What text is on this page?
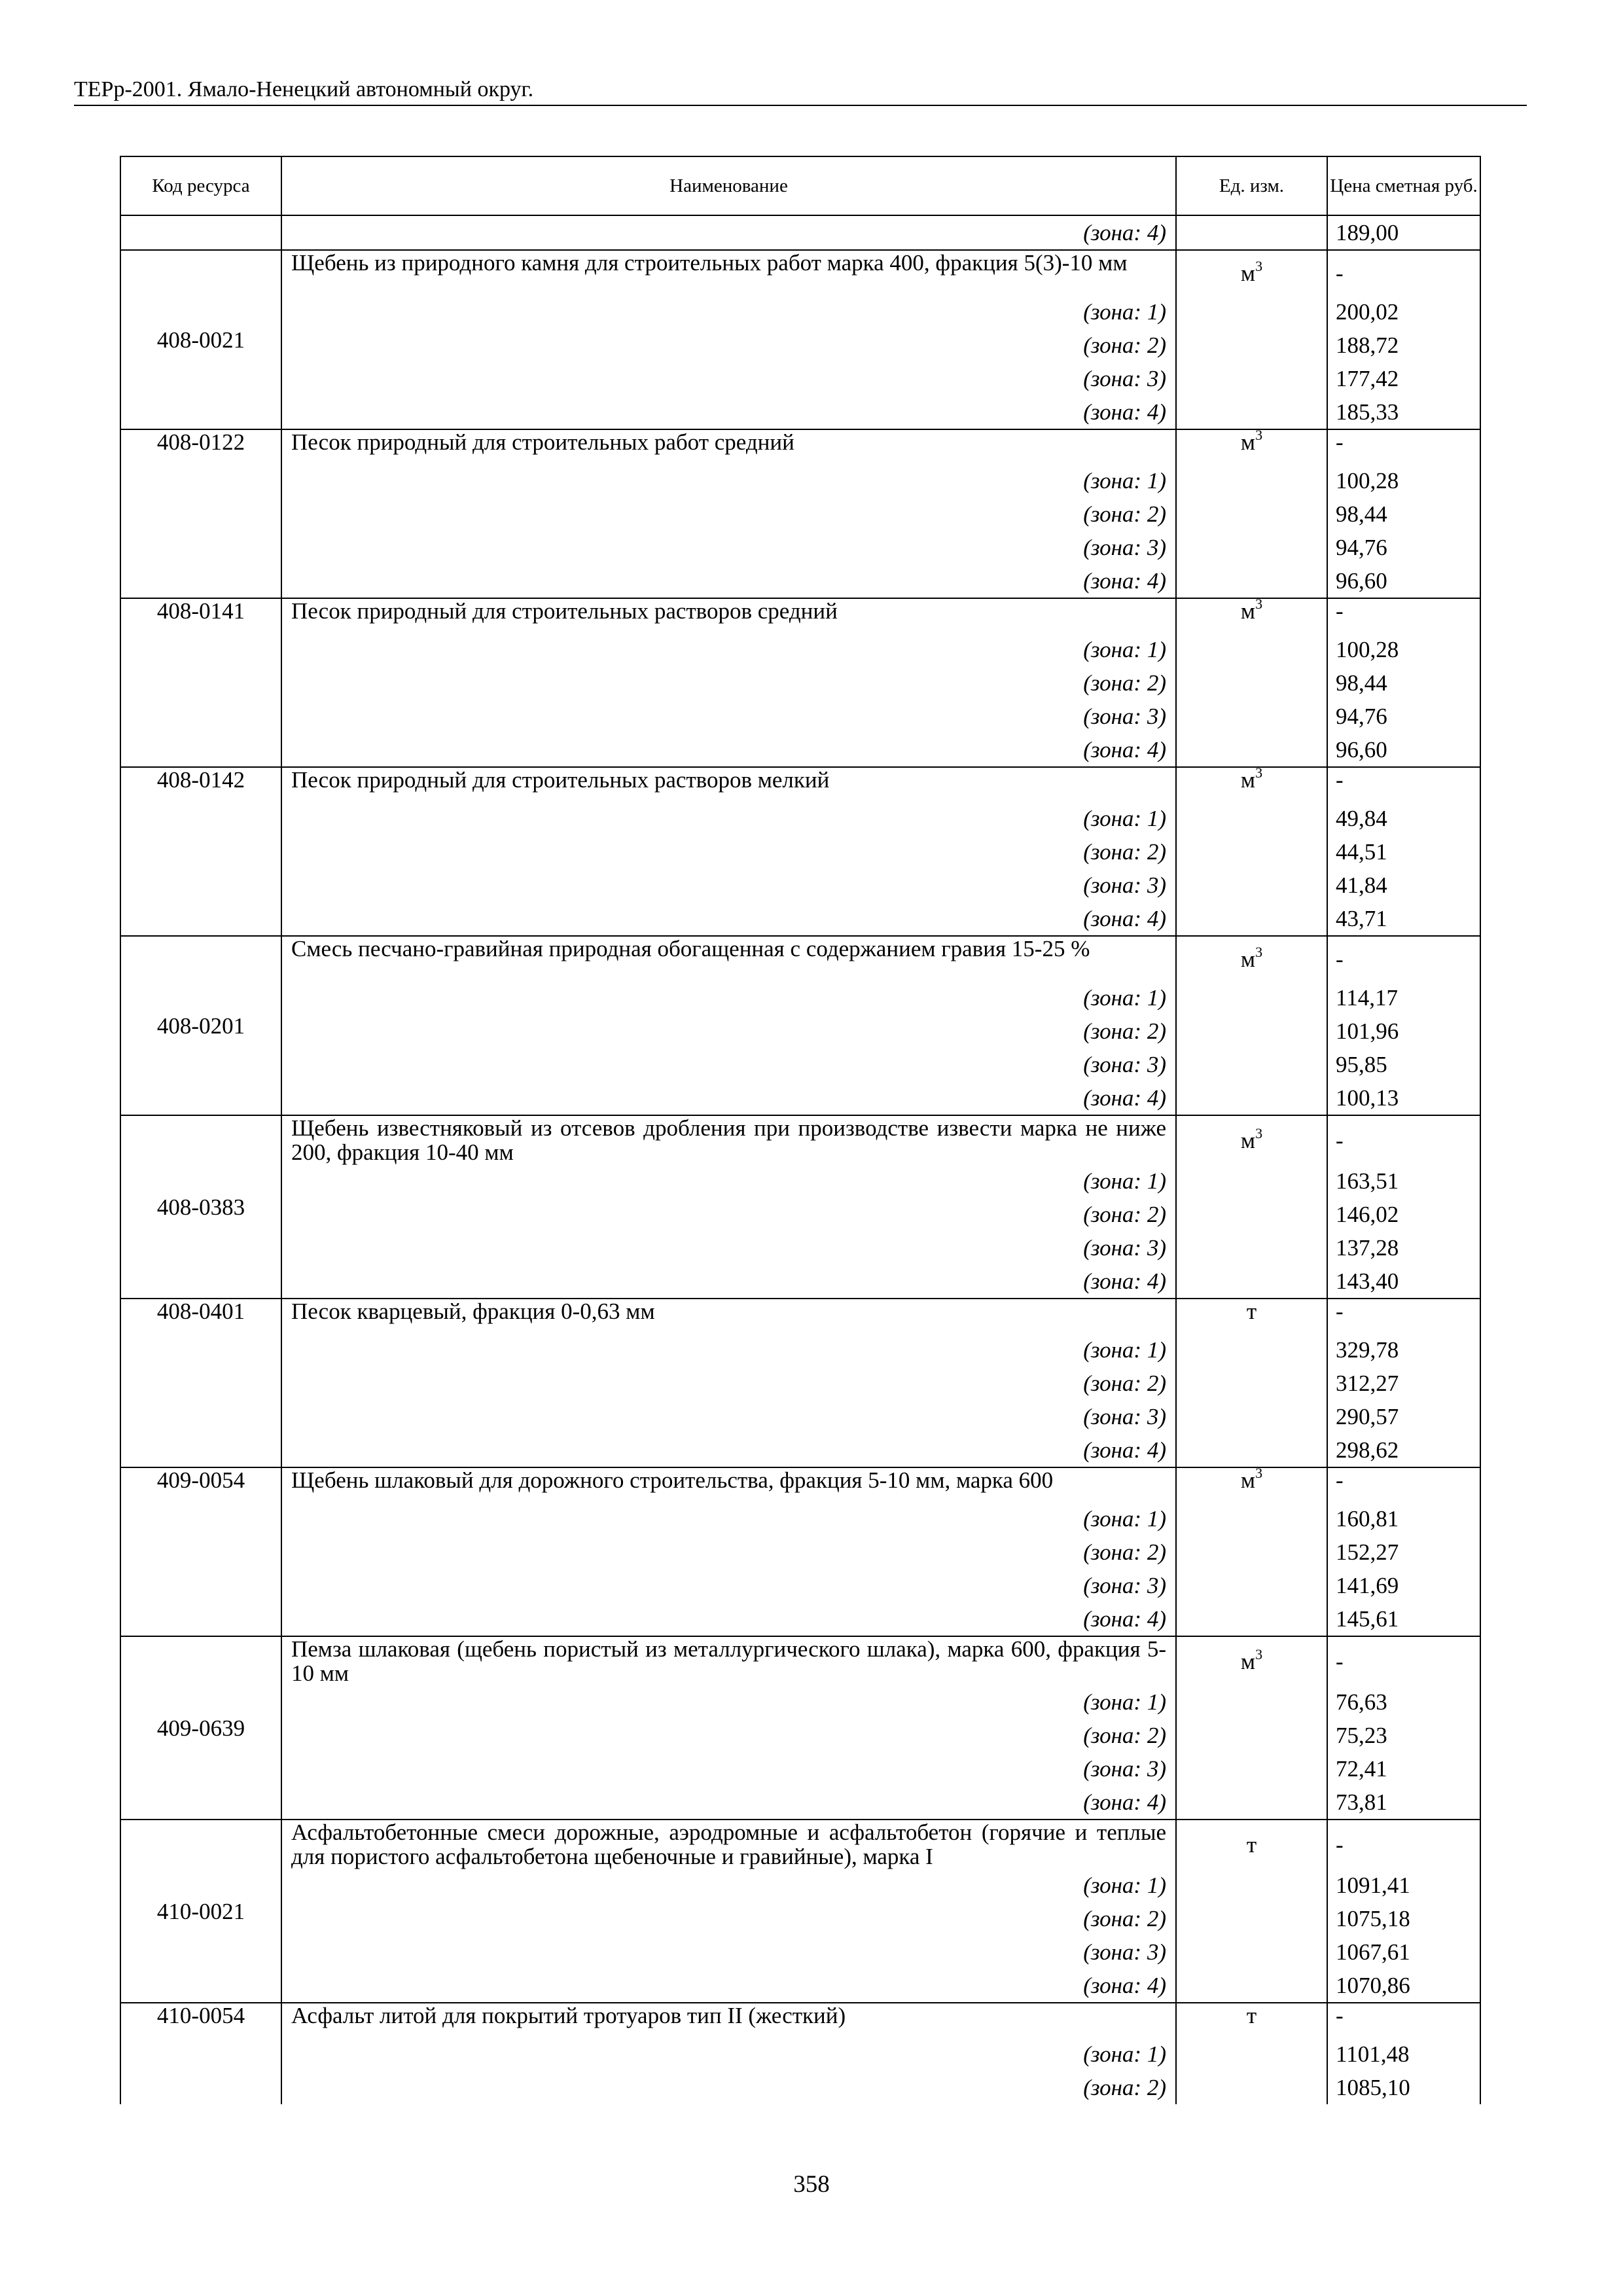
ТЕРр-2001. Ямало-Ненецкий автономный округ.
Код ресурса	Наименование	Ед. изм.	Цена сметная руб.
	(зона: 4)		189,00
408-0021	Щебень из природного камня для строительных работ марка 400, фракция 5(3)-10 мм	$м^3$	-
	(зона: 1)		200,02
	(зона: 2)		188,72
	(зона: 3)		177,42
	(зона: 4)		185,33
408-0122	Песок природный для строительных работ средний	$м^3$	-
	(зона: 1)		100,28
	(зона: 2)		98,44
	(зона: 3)		94,76
	(зона: 4)		96,60
408-0141	Песок природный для строительных растворов средний	$м^3$	-
	(зона: 1)		100,28
	(зона: 2)		98,44
	(зона: 3)		94,76
	(зона: 4)		96,60
408-0142	Песок природный для строительных растворов мелкий	$м^3$	-
	(зона: 1)		49,84
	(зона: 2)		44,51
	(зона: 3)		41,84
	(зона: 4)		43,71
408-0201	Смесь песчано-гравийная природная обогащенная с содержанием гравия 15-25 %	$м^3$	-
	(зона: 1)		114,17
	(зона: 2)		101,96
	(зона: 3)		95,85
	(зона: 4)		100,13
408-0383	Щебень известняковый из отсевов дробления при производстве извести марка не ниже 200, фракция 10-40 мм	$м^3$	-
	(зона: 1)		163,51
	(зона: 2)		146,02
	(зона: 3)		137,28
	(зона: 4)		143,40
408-0401	Песок кварцевый, фракция 0-0,63 мм	т	-
	(зона: 1)		329,78
	(зона: 2)		312,27
	(зона: 3)		290,57
	(зона: 4)		298,62
409-0054	Щебень шлаковый для дорожного строительства, фракция 5-10 мм, марка 600	$м^3$	-
	(зона: 1)		160,81
	(зона: 2)		152,27
	(зона: 3)		141,69
	(зона: 4)		145,61
409-0639	Пемза шлаковая (щебень пористый из металлургического шлака), марка 600, фракция 5-10 мм	$м^3$	-
	(зона: 1)		76,63
	(зона: 2)		75,23
	(зона: 3)		72,41
	(зона: 4)		73,81
410-0021	Асфальтобетонные смеси дорожные, аэродромные и асфальтобетон (горячие и теплые для пористого асфальтобетона щебеночные и гравийные), марка I	т	-
	(зона: 1)		1091,41
	(зона: 2)		1075,18
	(зона: 3)		1067,61
	(зона: 4)		1070,86
410-0054	Асфальт литой для покрытий тротуаров тип II (жесткий)	т	-
	(зона: 1)		1101,48
	(зона: 2)		1085,10
358
